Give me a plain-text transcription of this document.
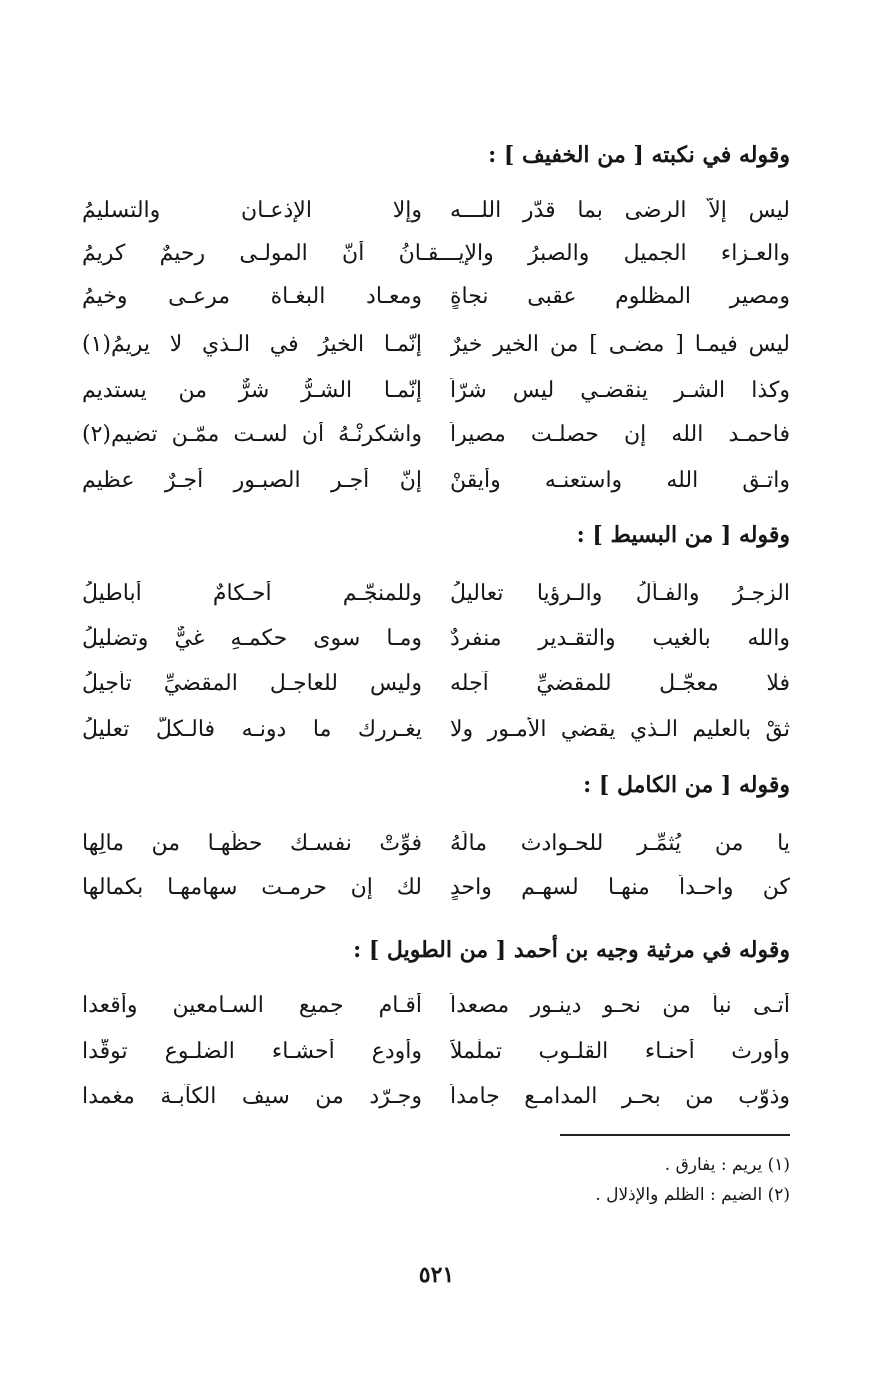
وقوله في نكبته [ من الخفيف ] :
ليس إلاّ الرضى بما قدّر اللـــه
وإلا الإذعـان والتسليمُ
والعـزاء الجميل والصبرُ والإيـــقـانُ أنّ المولـى رحيمٌ كريمُ
ومصير المظلوم عقبى نجاةٍ
ومعـاد البغـاة مرعـى وخيمُ
ليس فيمـا [ مضـى ] من الخير خيرٌ
إنّمـا الخيرُ في الـذي لا يريمُ(١)
وكذا الشـر ينقضـي ليس شرّاً
إنّمـا الشـرُّ شرٌّ من يستديم
فاحمـد الله إن حصلـت مصيراً
واشكرنْـهُ أن لسـت ممّـن تضيم(٢)
واتـق الله واستعنـه وأيقنْ
إنّ أجـر الصبـور أجـرٌ عظيم
وقوله [ من البسيط ] :
الزجـرُ والفـألُ والـرؤيا تعاليلُ
وللمنجّـم أحـكامٌ أباطيلُ
والله بالغيب والتقـدير منفردٌ
ومـا سوى حكمـهِ غيٌّ وتضليلُ
فلا معجّـل للمقضيِّ آجله
وليس للعاجـل المقضيِّ تأجيلُ
ثقْ بالعليم الـذي يقضي الأمـور ولا
يغـررك ما دونـه فالـكلُّ تعليلُ
وقوله [ من الكامل ] :
يا من يُثمِّـر للحـوادث مالَهُ
فوِّتْ نفسـك حظَّهـا من مالِها
كن واحـداً منهـا لسهـمٍ واحدٍ
لك إن حرمـت سهامهـا بكمالها
وقوله في مرثية وجيه بن أحمد [ من الطويل ] :
أتـى نبأٌ من نحـو دينـور مصعداً
أقـام جميع السـامعين وأقعدا
وأورث أحنـاء القلـوب تملْملاً
وأودع أحشـاء الضلـوع توقّدا
وذوّب من بحـر المدامـع جامداً
وجـرّد من سيف الكآبـة مغمدا
(١) يريم : يفارق .
(٢) الضيم : الظلم والإذلال .
٥٢١
